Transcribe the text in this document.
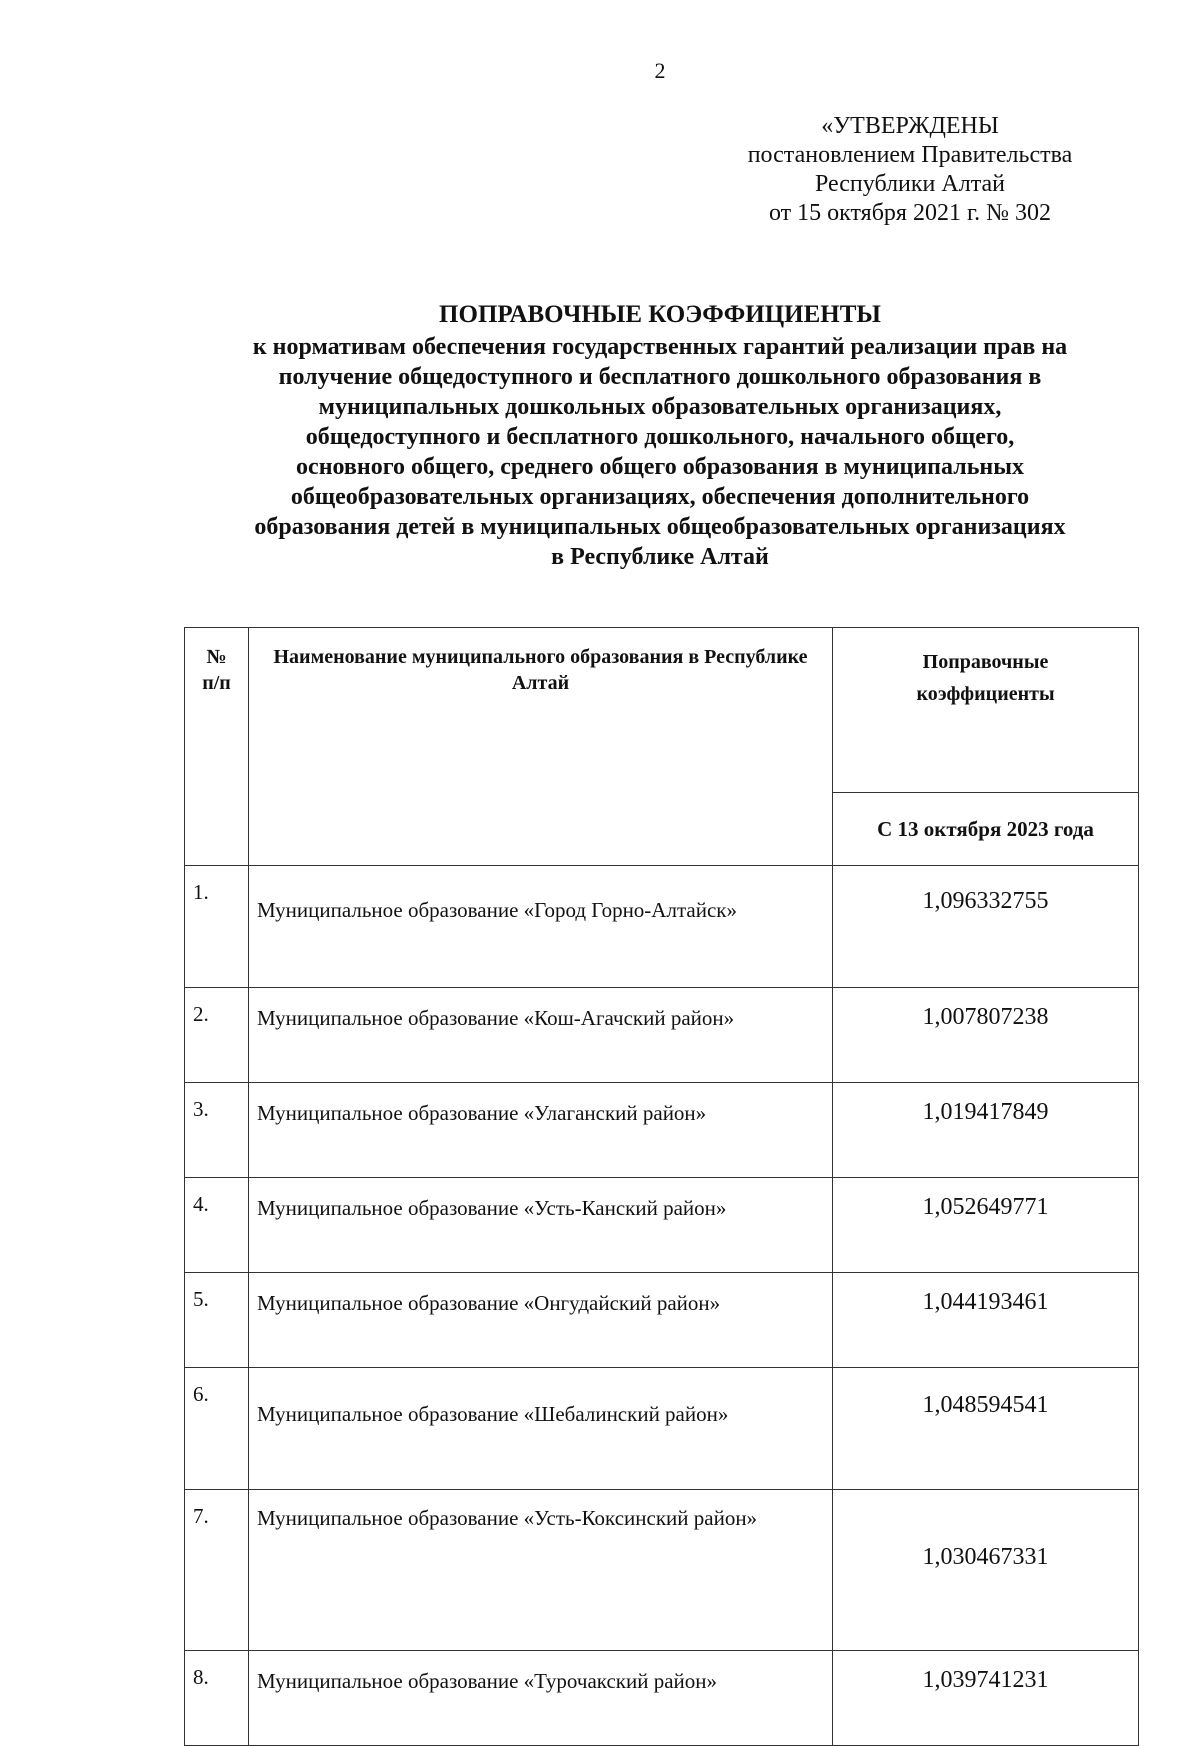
2
«УТВЕРЖДЕНЫ
постановлением Правительства
Республики Алтай
от 15 октября 2021 г. № 302
ПОПРАВОЧНЫЕ КОЭФФИЦИЕНТЫ
к нормативам обеспечения государственных гарантий реализации прав на
получение общедоступного и бесплатного дошкольного образования в
муниципальных дошкольных образовательных организациях,
общедоступного и бесплатного дошкольного, начального общего,
основного общего, среднего общего образования в муниципальных
общеобразовательных организациях, обеспечения дополнительного
образования детей в муниципальных общеобразовательных организациях
в Республике Алтай
№
п/п	Наименование муниципального образования в Республике Алтай	Поправочные коэффициенты
		С 13 октября 2023 года
1.	Муниципальное образование «Город Горно-Алтайск»	1,096332755
2.	Муниципальное образование «Кош-Агачский район»	1,007807238
3.	Муниципальное образование «Улаганский район»	1,019417849
4.	Муниципальное образование «Усть-Канский район»	1,052649771
5.	Муниципальное образование «Онгудайский район»	1,044193461
6.	Муниципальное образование «Шебалинский район»	1,048594541
7.	Муниципальное образование «Усть-Коксинский район»	1,030467331
8.	Муниципальное образование «Турочакский район»	1,039741231
